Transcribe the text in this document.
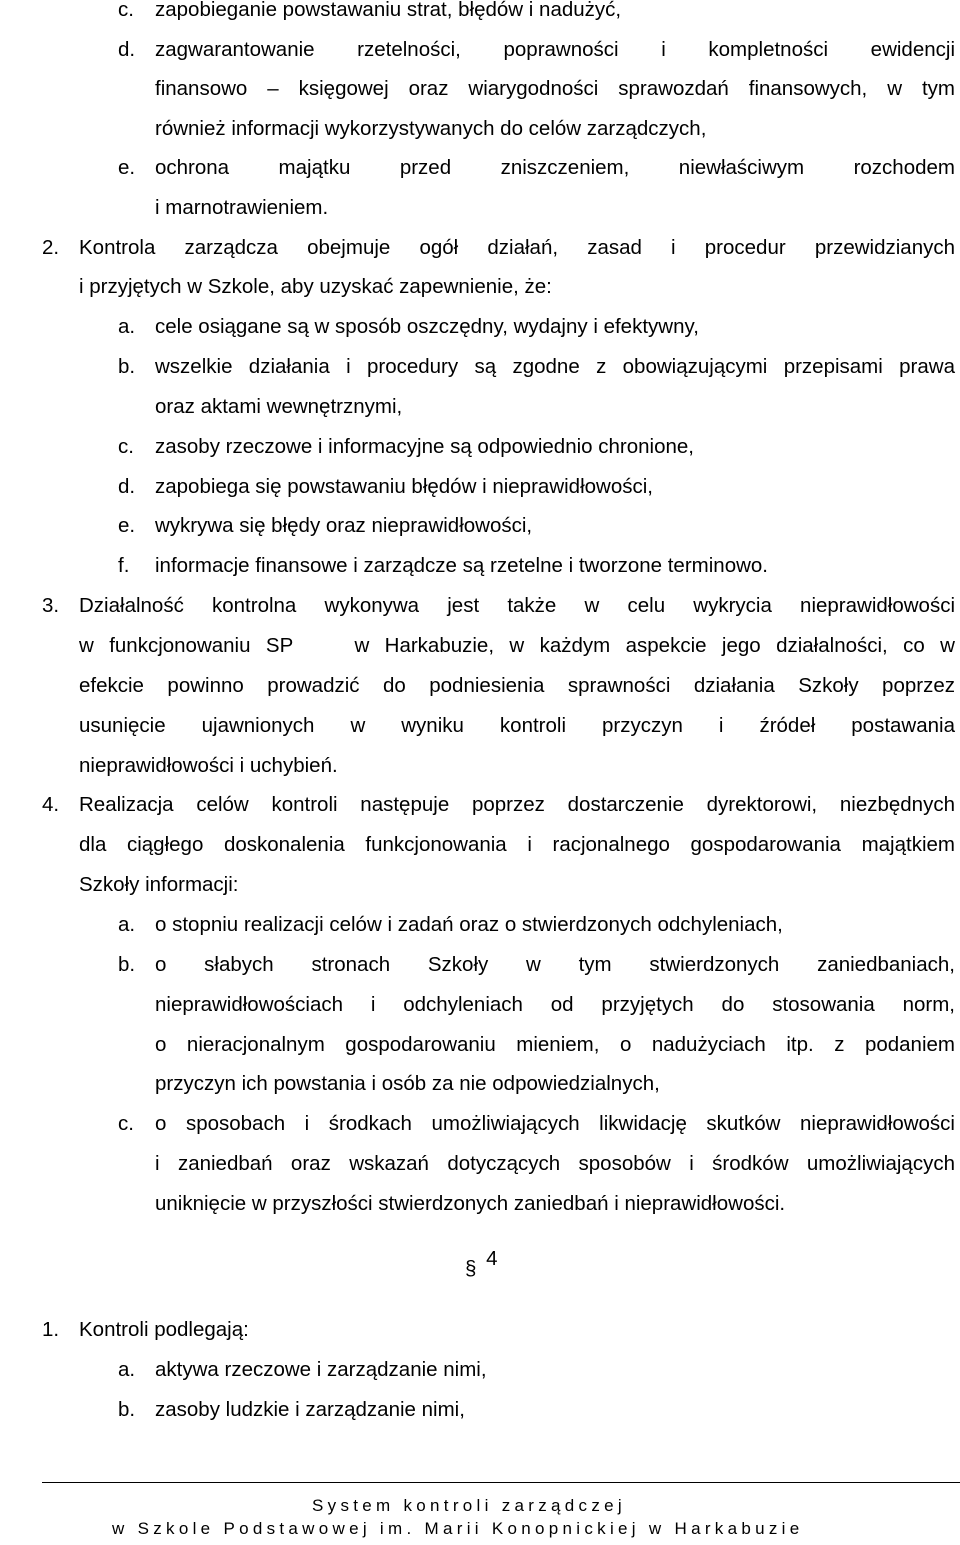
c. zapobieganie powstawaniu strat, błędów i nadużyć,
d. zagwarantowanie rzetelności, poprawności i kompletności ewidencji
finansowo – księgowej oraz wiarygodności sprawozdań finansowych, w tym
również informacji wykorzystywanych do celów zarządczych,
e. ochrona majątku przed zniszczeniem, niewłaściwym rozchodem
i marnotrawieniem.
2. Kontrola zarządcza obejmuje ogół działań, zasad i procedur przewidzianych
i przyjętych w Szkole, aby uzyskać zapewnienie, że:
a. cele osiągane są w sposób oszczędny, wydajny i efektywny,
b. wszelkie działania i procedury są zgodne z obowiązującymi przepisami prawa
oraz aktami wewnętrznymi,
c. zasoby rzeczowe i informacyjne są odpowiednio chronione,
d. zapobiega się powstawaniu błędów i nieprawidłowości,
e. wykrywa się błędy oraz nieprawidłowości,
f. informacje finansowe i zarządcze są rzetelne i tworzone terminowo.
3. Działalność kontrolna wykonywa jest także w celu wykrycia nieprawidłowości
w funkcjonowaniu SP    w Harkabuzie, w każdym aspekcie jego działalności, co w
efekcie powinno prowadzić do podniesienia sprawności działania Szkoły poprzez
usunięcie ujawnionych w wyniku kontroli przyczyn i źródeł postawania
nieprawidłowości i uchybień.
4. Realizacja celów kontroli następuje poprzez dostarczenie dyrektorowi, niezbędnych
dla ciągłego doskonalenia funkcjonowania i racjonalnego gospodarowania majątkiem
Szkoły informacji:
a. o stopniu realizacji celów i zadań oraz o stwierdzonych odchyleniach,
b. o słabych stronach Szkoły w tym stwierdzonych zaniedbaniach,
nieprawidłowościach i odchyleniach od przyjętych do stosowania norm,
o nieracjonalnym gospodarowaniu mieniem, o nadużyciach itp. z podaniem
przyczyn ich powstania i osób za nie odpowiedzialnych,
c. o sposobach i środkach umożliwiających likwidację skutków nieprawidłowości
i zaniedbań oraz wskazań dotyczących sposobów i środków umożliwiających
uniknięcie w przyszłości stwierdzonych zaniedbań i nieprawidłowości.
§ 4
1. Kontroli podlegają:
a. aktywa rzeczowe i zarządzanie nimi,
b. zasoby ludzkie i zarządzanie nimi,
System kontroli zarządczej
w Szkole Podstawowej im. Marii Konopnickiej w Harkabuzie
